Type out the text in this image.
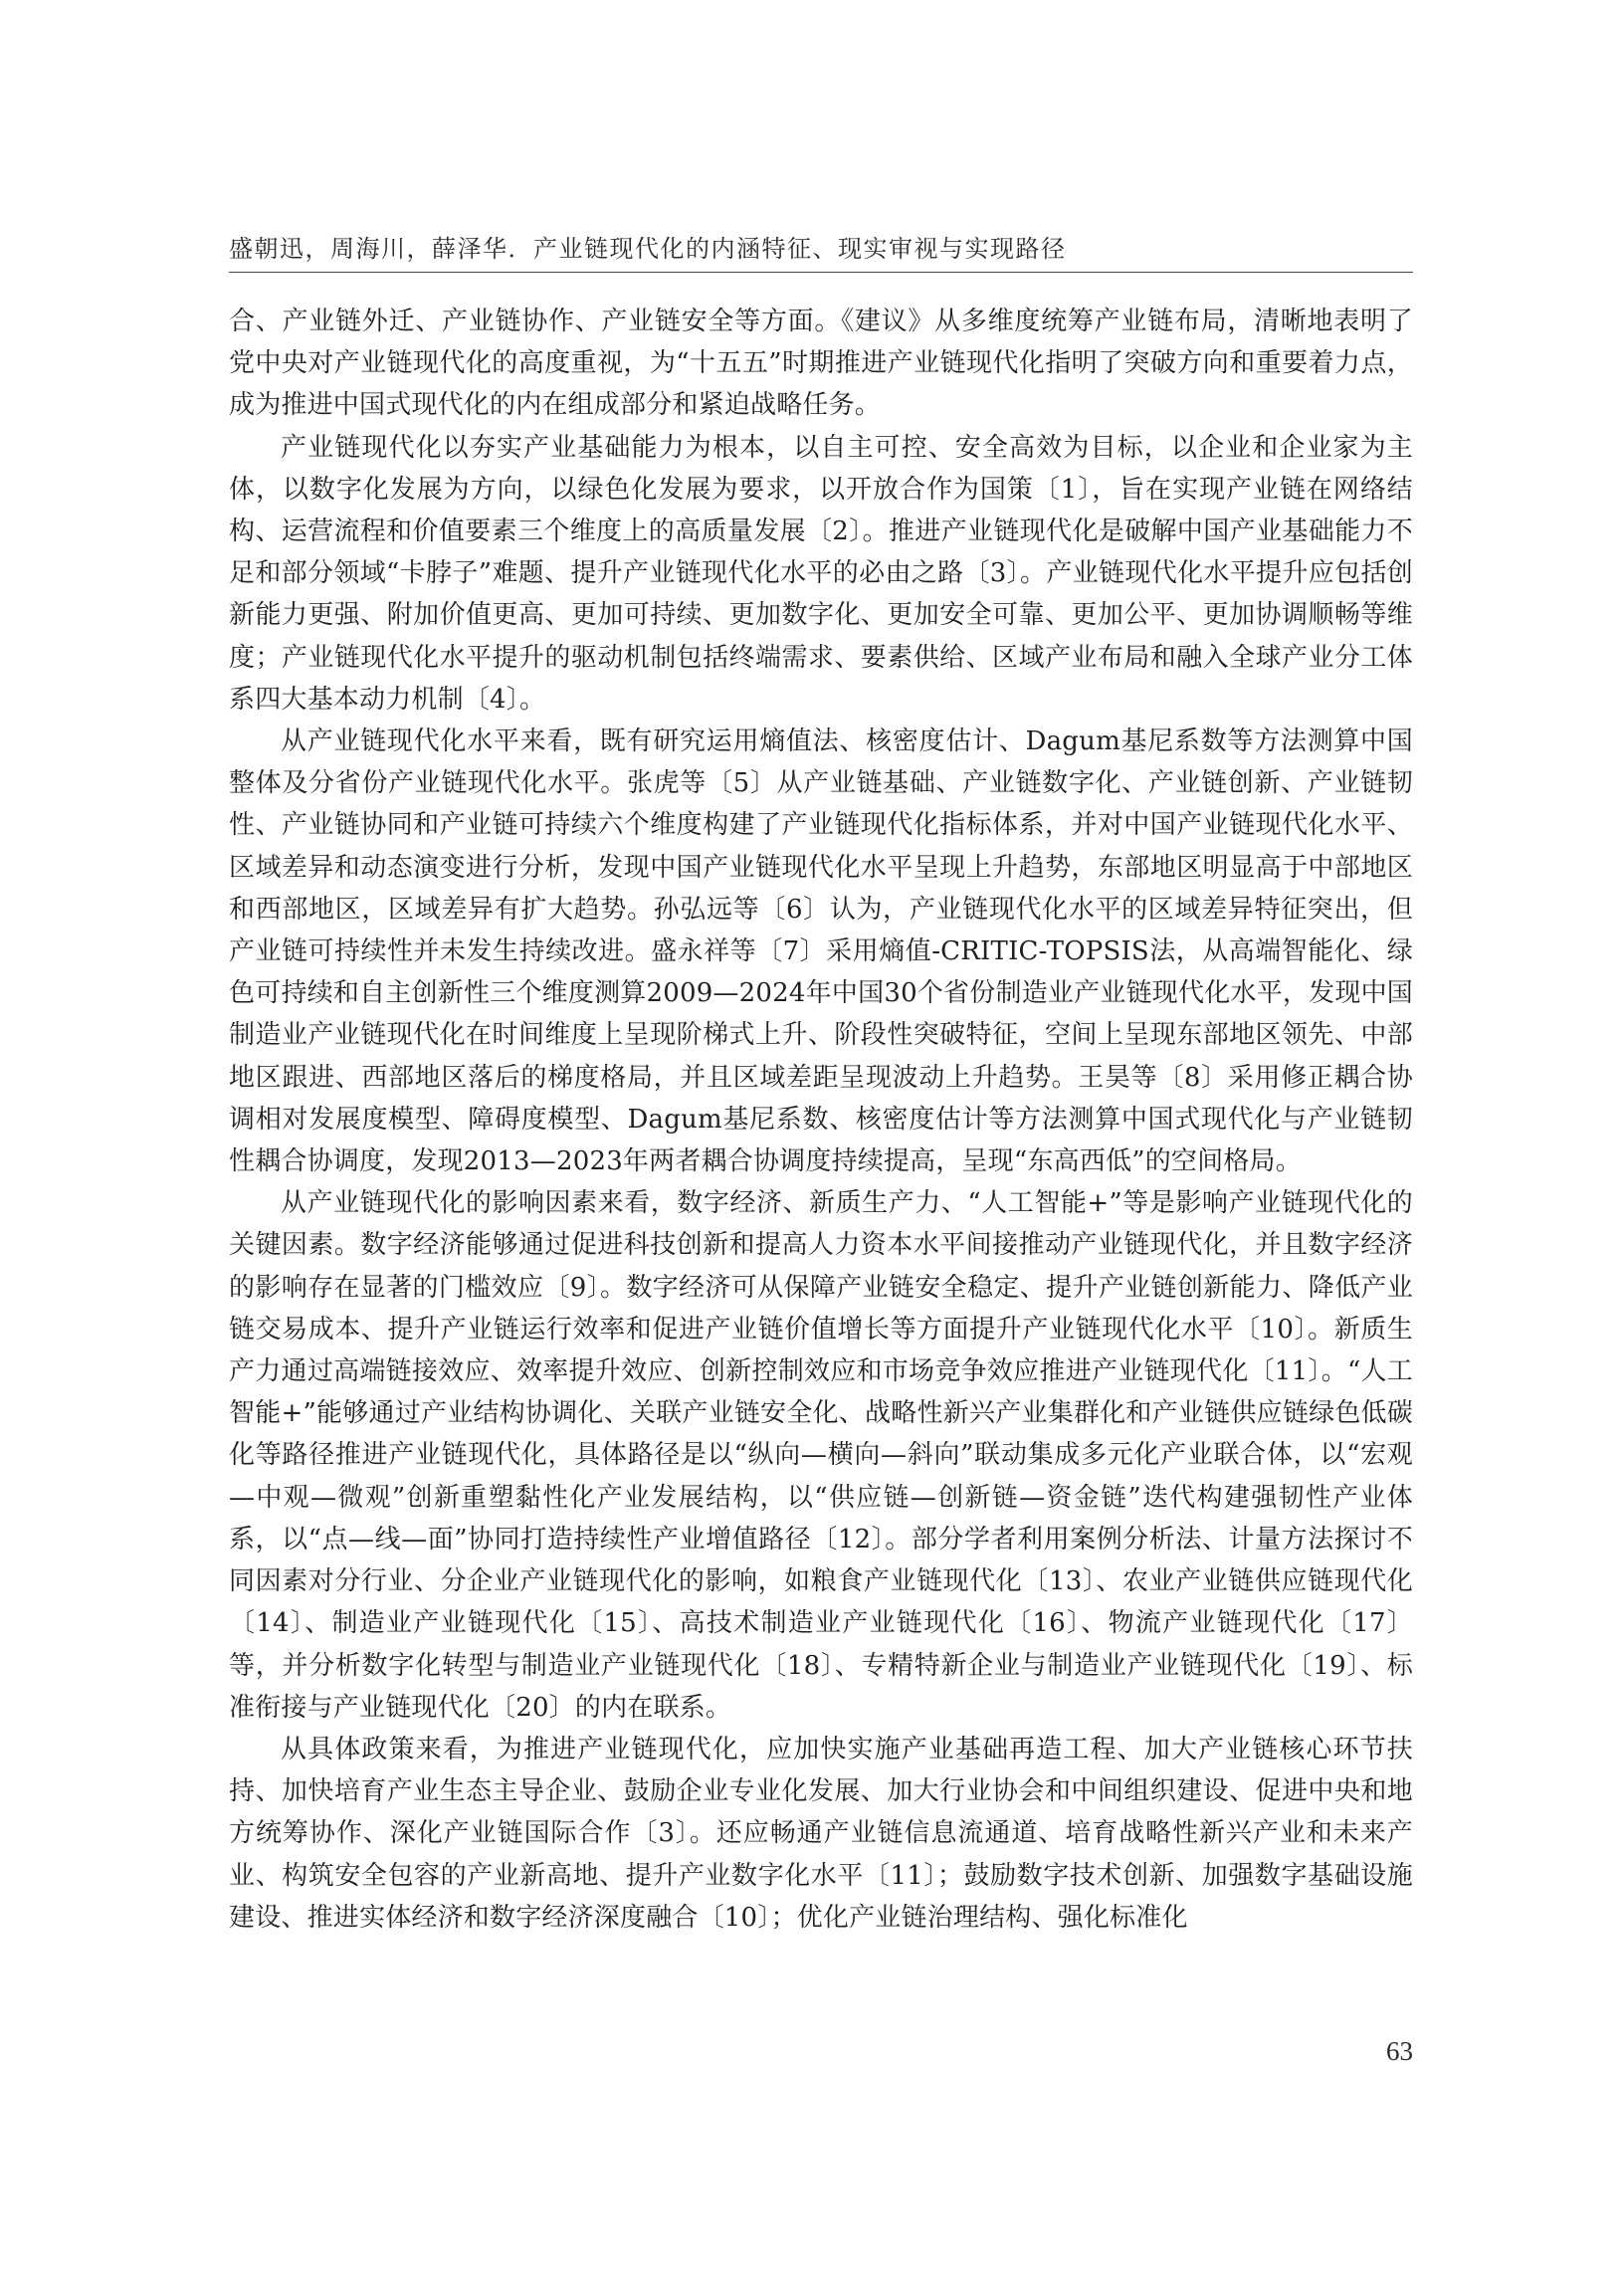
盛朝迅，周海川，薛泽华．产业链现代化的内涵特征、现实审视与实现路径

合、产业链外迁、产业链协作、产业链安全等方面。《建议》从多维度统筹产业链布局，清晰地表明了党中央对产业链现代化的高度重视，为“十五五”时期推进产业链现代化指明了突破方向和重要着力点，成为推进中国式现代化的内在组成部分和紧迫战略任务。

产业链现代化以夯实产业基础能力为根本，以自主可控、安全高效为目标，以企业和企业家为主体，以数字化发展为方向，以绿色化发展为要求，以开放合作为国策〔1〕，旨在实现产业链在网络结构、运营流程和价值要素三个维度上的高质量发展〔2〕。推进产业链现代化是破解中国产业基础能力不足和部分领域“卡脖子”难题、提升产业链现代化水平的必由之路〔3〕。产业链现代化水平提升应包括创新能力更强、附加价值更高、更加可持续、更加数字化、更加安全可靠、更加公平、更加协调顺畅等维度；产业链现代化水平提升的驱动机制包括终端需求、要素供给、区域产业布局和融入全球产业分工体系四大基本动力机制〔4〕。

从产业链现代化水平来看，既有研究运用熵值法、核密度估计、Dagum基尼系数等方法测算中国整体及分省份产业链现代化水平。张虎等〔5〕从产业链基础、产业链数字化、产业链创新、产业链韧性、产业链协同和产业链可持续六个维度构建了产业链现代化指标体系，并对中国产业链现代化水平、区域差异和动态演变进行分析，发现中国产业链现代化水平呈现上升趋势，东部地区明显高于中部地区和西部地区，区域差异有扩大趋势。孙弘远等〔6〕认为，产业链现代化水平的区域差异特征突出，但产业链可持续性并未发生持续改进。盛永祥等〔7〕采用熵值-CRITIC-TOPSIS法，从高端智能化、绿色可持续和自主创新性三个维度测算2009—2024年中国30个省份制造业产业链现代化水平，发现中国制造业产业链现代化在时间维度上呈现阶梯式上升、阶段性突破特征，空间上呈现东部地区领先、中部地区跟进、西部地区落后的梯度格局，并且区域差距呈现波动上升趋势。王昊等〔8〕采用修正耦合协调相对发展度模型、障碍度模型、Dagum基尼系数、核密度估计等方法测算中国式现代化与产业链韧性耦合协调度，发现2013—2023年两者耦合协调度持续提高，呈现“东高西低”的空间格局。

从产业链现代化的影响因素来看，数字经济、新质生产力、“人工智能+”等是影响产业链现代化的关键因素。数字经济能够通过促进科技创新和提高人力资本水平间接推动产业链现代化，并且数字经济的影响存在显著的门槛效应〔9〕。数字经济可从保障产业链安全稳定、提升产业链创新能力、降低产业链交易成本、提升产业链运行效率和促进产业链价值增长等方面提升产业链现代化水平〔10〕。新质生产力通过高端链接效应、效率提升效应、创新控制效应和市场竞争效应推进产业链现代化〔11〕。“人工智能+”能够通过产业结构协调化、关联产业链安全化、战略性新兴产业集群化和产业链供应链绿色低碳化等路径推进产业链现代化，具体路径是以“纵向—横向—斜向”联动集成多元化产业联合体，以“宏观—中观—微观”创新重塑黏性化产业发展结构，以“供应链—创新链—资金链”迭代构建强韧性产业体系，以“点—线—面”协同打造持续性产业增值路径〔12〕。部分学者利用案例分析法、计量方法探讨不同因素对分行业、分企业产业链现代化的影响，如粮食产业链现代化〔13〕、农业产业链供应链现代化〔14〕、制造业产业链现代化〔15〕、高技术制造业产业链现代化〔16〕、物流产业链现代化〔17〕等，并分析数字化转型与制造业产业链现代化〔18〕、专精特新企业与制造业产业链现代化〔19〕、标准衔接与产业链现代化〔20〕的内在联系。

从具体政策来看，为推进产业链现代化，应加快实施产业基础再造工程、加大产业链核心环节扶持、加快培育产业生态主导企业、鼓励企业专业化发展、加大行业协会和中间组织建设、促进中央和地方统筹协作、深化产业链国际合作〔3〕。还应畅通产业链信息流通道、培育战略性新兴产业和未来产业、构筑安全包容的产业新高地、提升产业数字化水平〔11〕；鼓励数字技术创新、加强数字基础设施建设、推进实体经济和数字经济深度融合〔10〕；优化产业链治理结构、强化标准化

63
